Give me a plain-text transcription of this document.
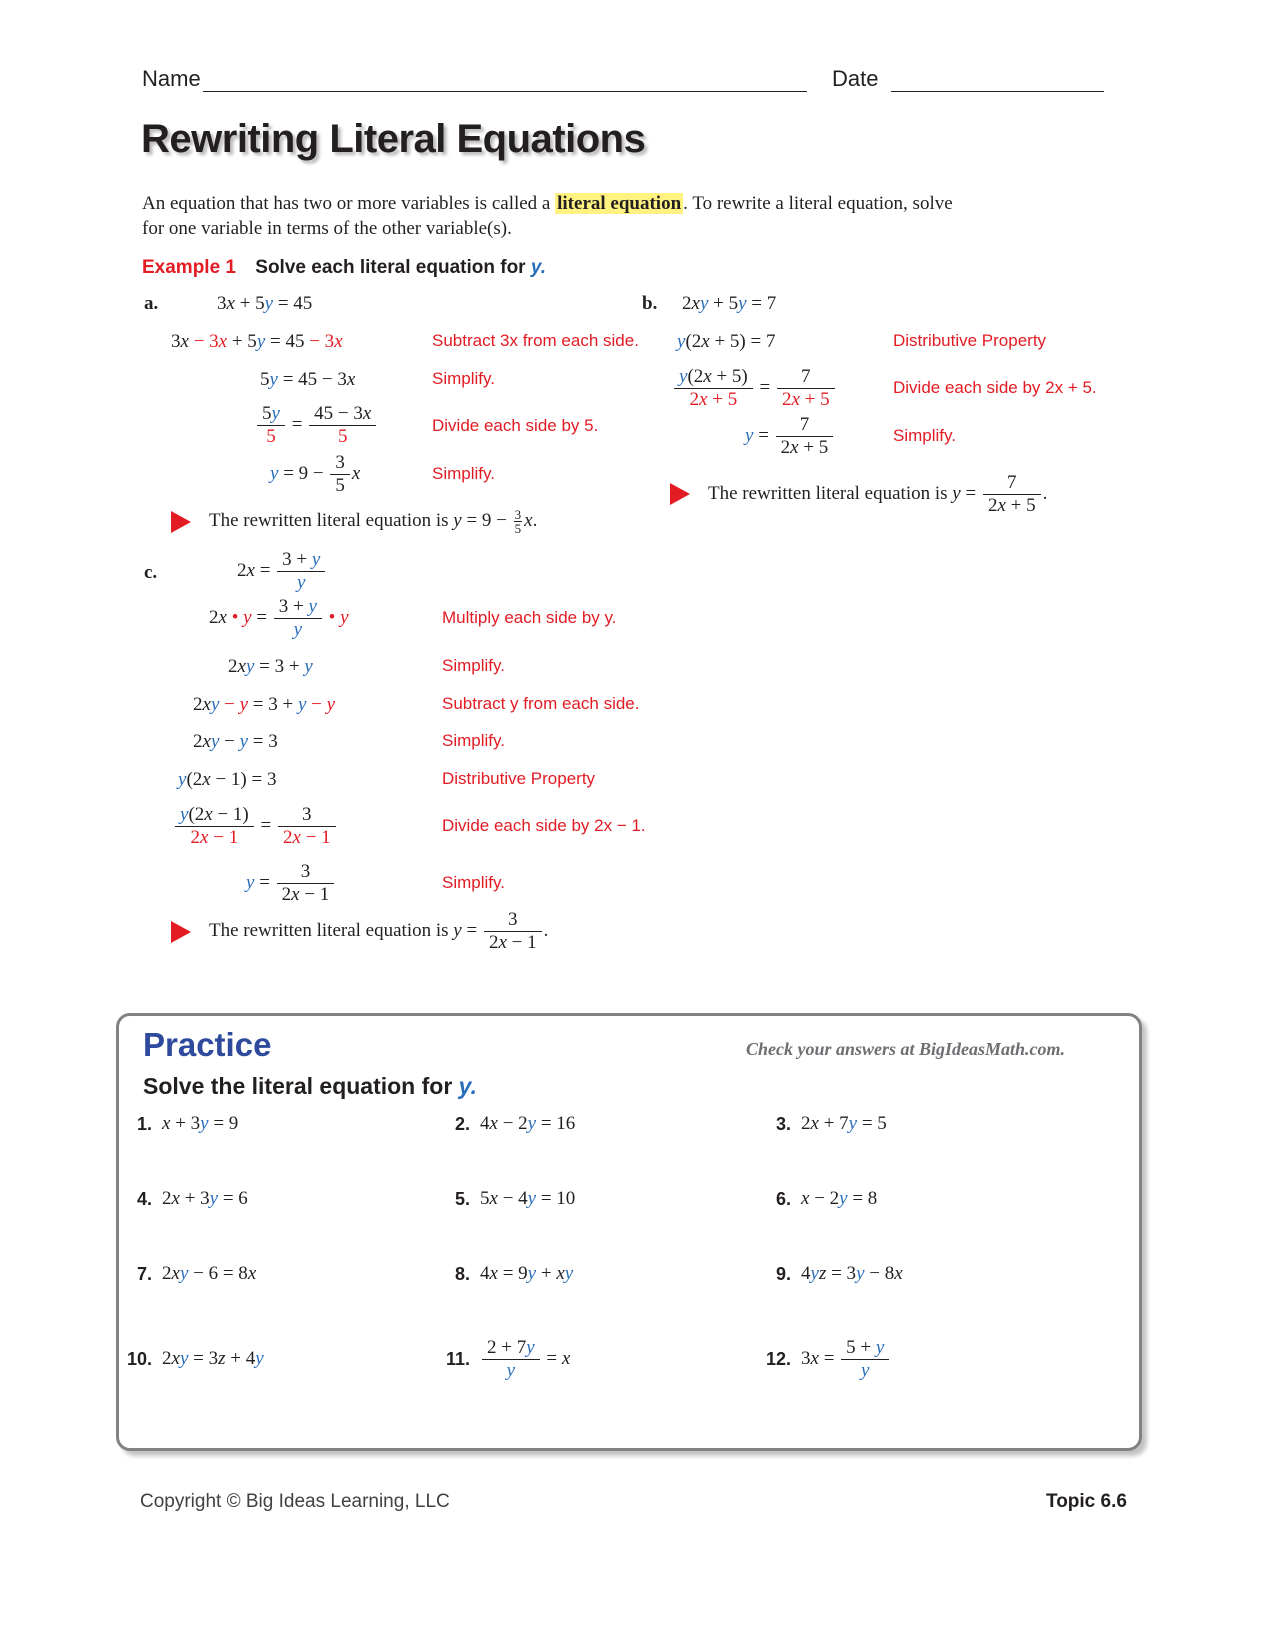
Name	Date
Rewriting Literal Equations
An equation that has two or more variables is called a literal equation . To rewrite a literal equation, solve for one variable in terms of the other variable(s).
Example 1 Solve each literal equation for y.
a.	3x + 5y = 45
3x − 3x + 5y = 45 − 3x	Subtract 3x from each side.
5y = 45 − 3x	Simplify.
$\frac{5y}{5} = \frac{45 - 3x}{5}$	Divide each side by 5.
$y = 9 - \frac{3}{5}$ x	Simplify.
The rewritten literal equation is $y = 9 - \frac{3}{5} x$.
b. 2xy + 5y = 7
y(2x + 5) = 7	Distributive Property
$\frac{y(2x + 5)}{2x + 5} = \frac{7}{2x + 5}$	Divide each side by 2x + 5.
$y = \frac{7}{2x + 5}$	Simplify.
The rewritten literal equation is $y = \frac{7}{2x + 5}$ .
c.	$2x = \frac{3 + y}{y}$
2x • $y = \frac{3 + y}{y}$ • y	Multiply each side by y.
2xy = 3 + y	Simplify.
2xy − y = 3 + y − y	Subtract y from each side.
2xy − y = 3	Simplify.
y(2x − 1) = 3	Distributive Property
$\frac{y(2x - 1)}{2x - 1} = \frac{3}{2x - 1}$	Divide each side by 2x − 1.
$y = \frac{3}{2x - 1}$	Simplify.
The rewritten literal equation is $y = \frac{3}{2x - 1}$ .
Practice	Check your answers at BigIdeasMath.com.
Solve the literal equation for y.
1. x + 3y = 9	2. 4x − 2y = 16	3. 2x + 7y = 5
4. 2x + 3y = 6	5. 5x − 4y = 10	6. x − 2y = 8
7. 2xy − 6 = 8x	8. 4x = 9y + xy	9. 4yz = 3y − 8x
10. 2xy = 3z + 4y	11. $\frac{2 + 7y}{y} = x$	12. $3x = \frac{5 + y}{y}$
Copyright © Big Ideas Learning, LLC	Topic 6.6
